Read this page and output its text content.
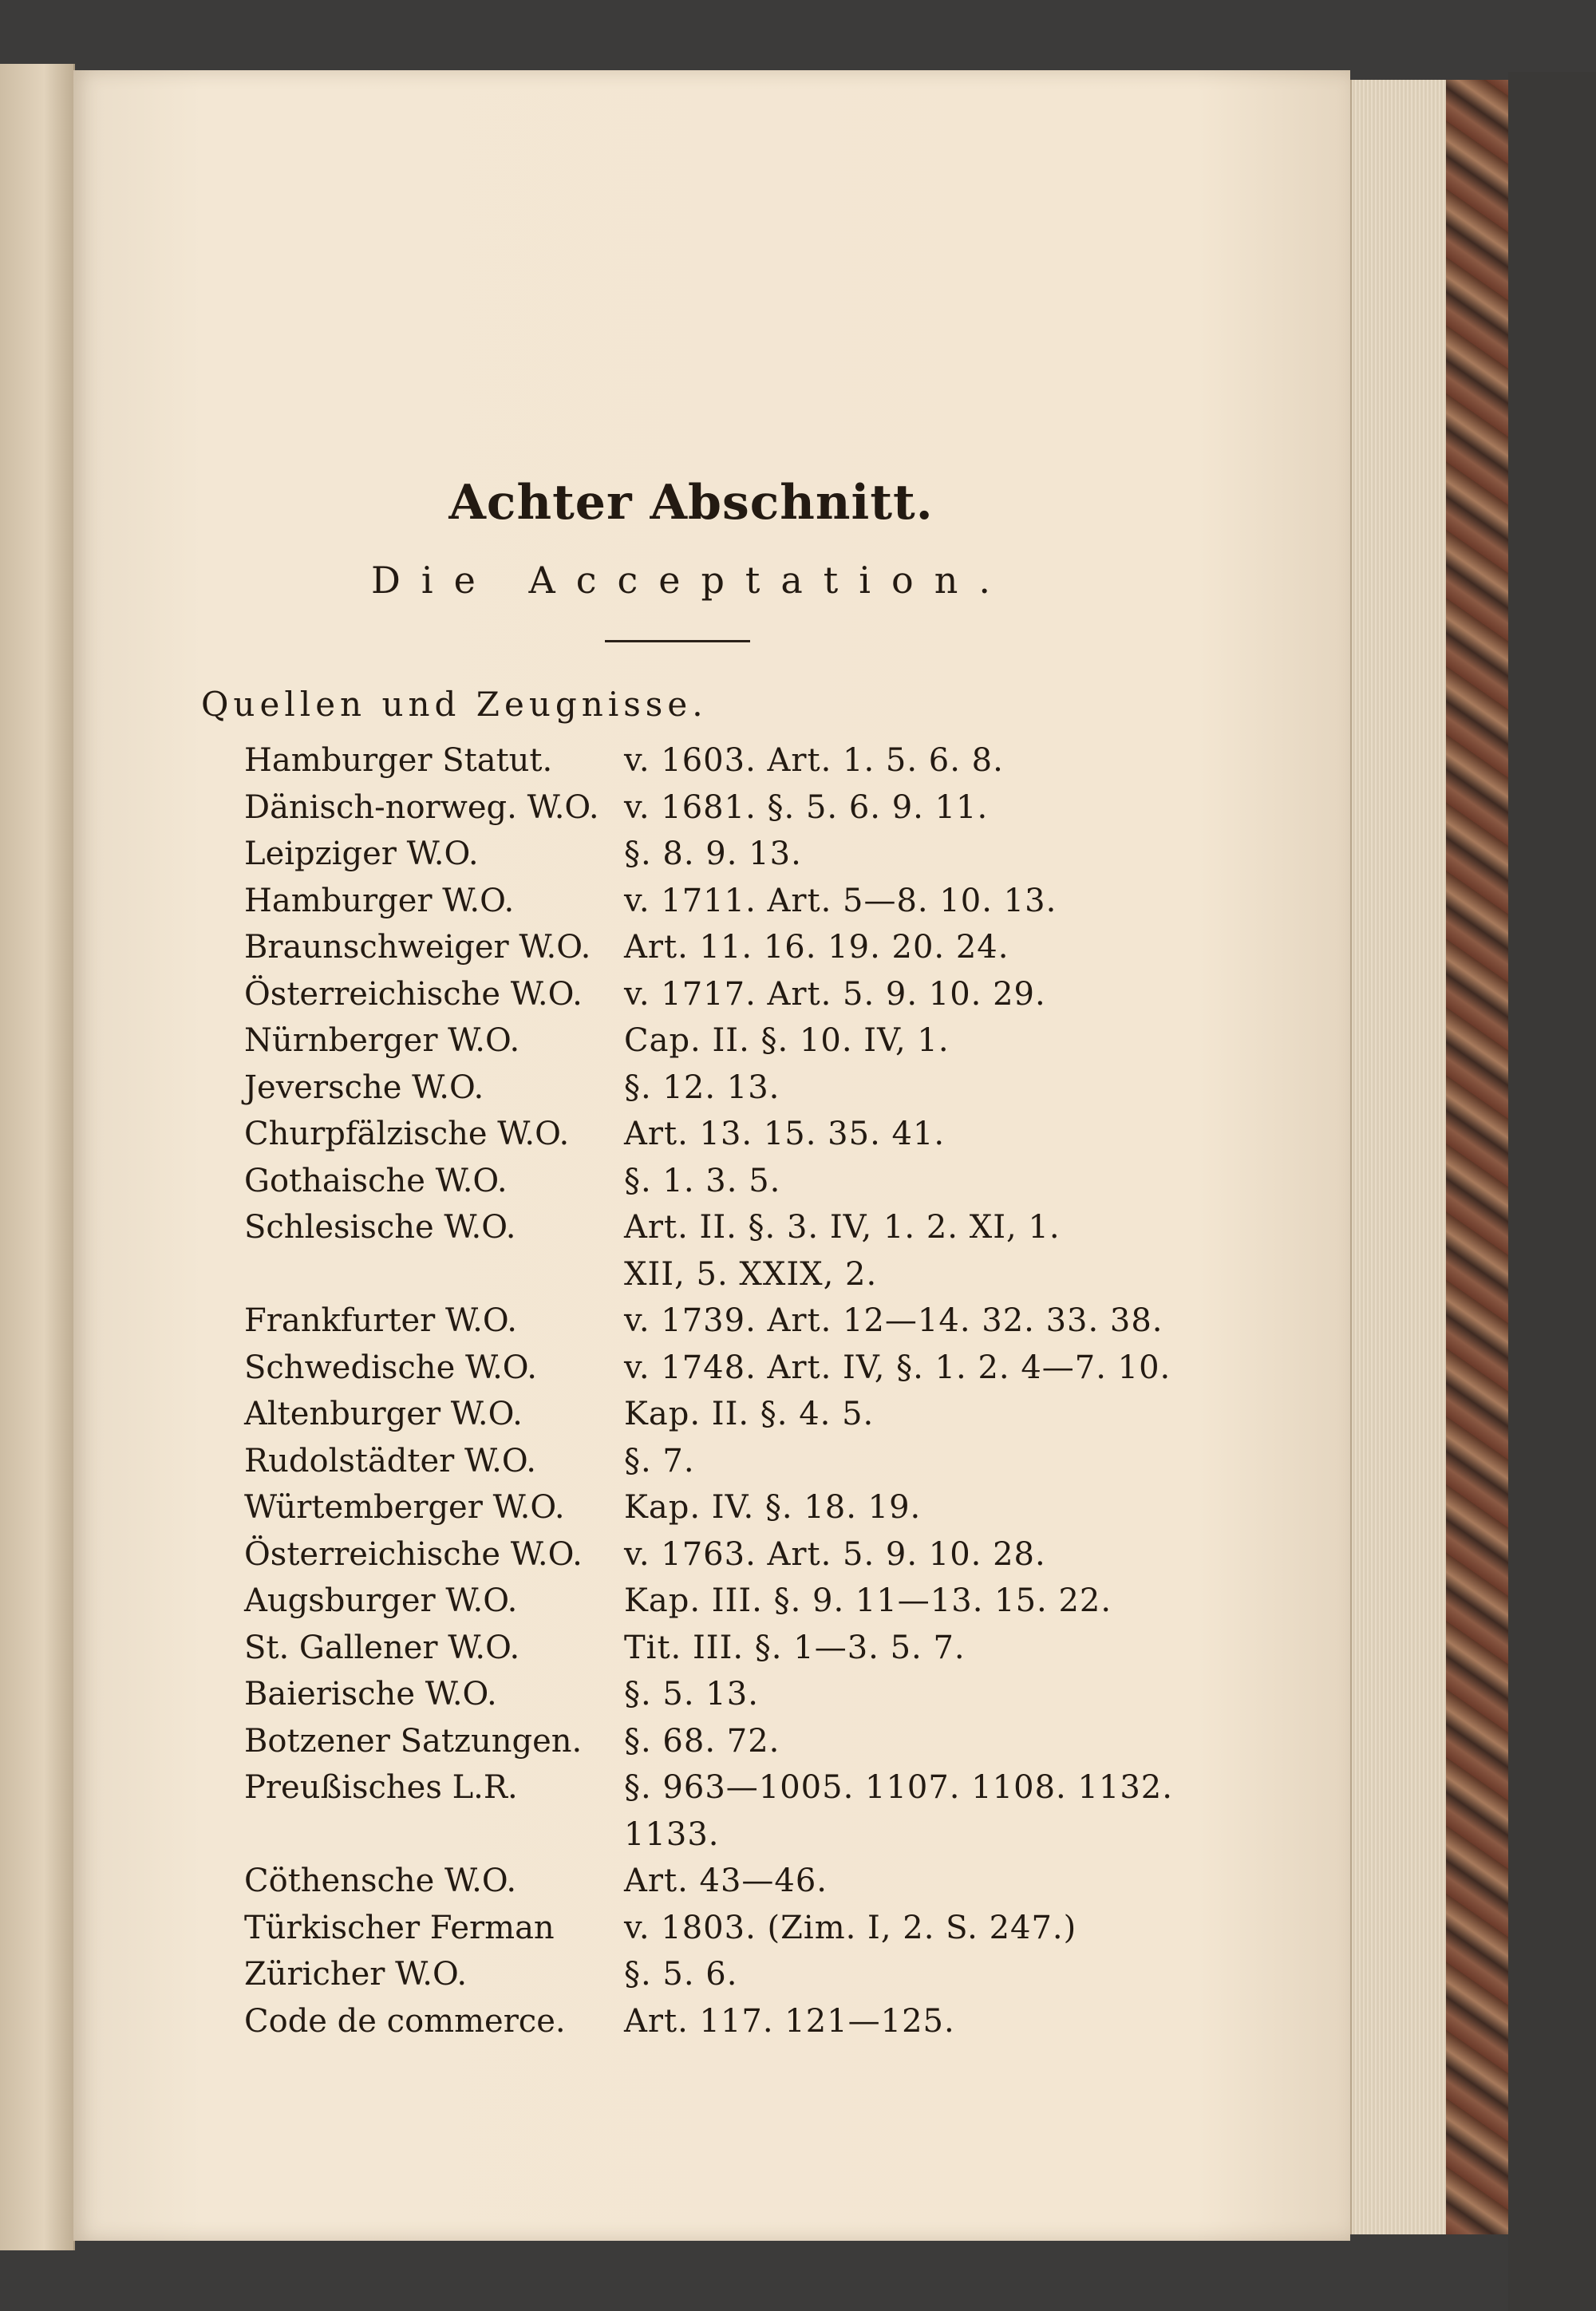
Achter Abschnitt.
Die Acceptation.
Quellen und Zeugnisse.
Hamburger Statut. v. 1603. Art. 1. 5. 6. 8.
Dänisch-norweg. W.O. v. 1681. §. 5. 6. 9. 11.
Leipziger W.O.	§. 8. 9. 13.
Hamburger W.O.	v. 1711. Art. 5—8. 10. 13.
Braunschweiger W.O. Art. 11. 16. 19. 20. 24.
Österreichische W.O. v. 1717. Art. 5. 9. 10. 29.
Nürnberger W.O.	Cap. II. §. 10. IV, 1.
Jeversche W.O.	§. 12. 13.
Churpfälzische W.O. Art. 13. 15. 35. 41.
Gothaische W.O.	§. 1. 3. 5.
Schlesische W.O.	Art. II. §. 3. IV, 1. 2. XI, 1.
XII, 5. XXIX, 2.
Frankfurter W.O.	v. 1739. Art. 12—14. 32. 33. 38.
Schwedische W.O.	v. 1748. Art. IV, §. 1. 2. 4—7. 10.
Altenburger W.O.	Kap. II. §. 4. 5.
Rudolstädter W.O.	§. 7.
Würtemberger W.O. Kap. IV. §. 18. 19.
Österreichische W.O. v. 1763. Art. 5. 9. 10. 28.
Augsburger W.O.	Kap. III. §. 9. 11—13. 15. 22.
St. Gallener W.O.	Tit. III. §. 1—3. 5. 7.
Baierische W.O.	§. 5. 13.
Botzener Satzungen. §. 68. 72.
Preußisches L.R.	§. 963—1005. 1107. 1108. 1132.
1133.
Cöthensche W.O.	Art. 43—46.
Türkischer Ferman v. 1803. (Zim. I, 2. S. 247.)
Züricher W.O.	§. 5. 6.
Code de commerce. Art. 117. 121—125.
